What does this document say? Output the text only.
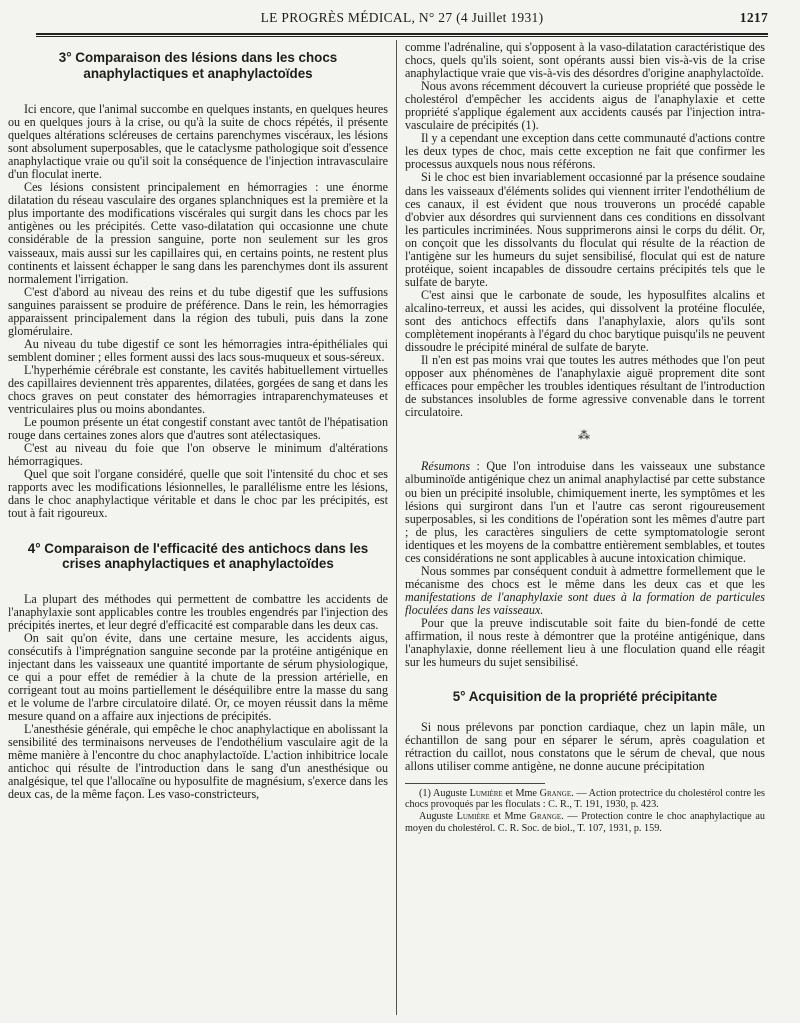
LE PROGRÈS MÉDICAL, N° 27 (4 Juillet 1931)	1217
3° Comparaison des lésions dans les chocs anaphylactiques et anaphylactoïdes

Ici encore, que l'animal succombe en quelques instants, en quelques heures ou en quelques jours à la crise, ou qu'à la suite de chocs répétés, il présente quelques altérations scléreuses de certains parenchymes viscéraux, les lésions sont absolument superposables, que le cataclysme pathologique soit d'essence anaphylactique vraie ou qu'il soit la conséquence de l'injection intravasculaire d'un floculat inerte.

Ces lésions consistent principalement en hémorragies : une énorme dilatation du réseau vasculaire des organes splanchniques est la première et la plus importante des modifications viscérales qui surgit dans les chocs par les antigènes ou les précipités. Cette vaso-dilatation qui occasionne une chute considérable de la pression sanguine, porte non seulement sur les gros vaisseaux, mais aussi sur les capillaires qui, en certains points, ne restent plus continents et laissent échapper le sang dans les parenchymes dont ils assurent normalement l'irrigation.

C'est d'abord au niveau des reins et du tube digestif que les suffusions sanguines paraissent se produire de préférence. Dans le rein, les hémorragies apparaissent principalement dans la région des tubuli, puis dans la zone glomérulaire.

Au niveau du tube digestif ce sont les hémorragies intra-épithéliales qui semblent dominer ; elles forment aussi des lacs sous-muqueux et sous-séreux.

L'hyperhémie cérébrale est constante, les cavités habituellement virtuelles des capillaires deviennent très apparentes, dilatées, gorgées de sang et dans les chocs graves on peut constater des hémorragies intraparenchymateuses et ventriculaires plus ou moins abondantes.

Le poumon présente un état congestif constant avec tantôt de l'hépatisation rouge dans certaines zones alors que d'autres sont atélectasiques.

C'est au niveau du foie que l'on observe le minimum d'altérations hémorragiques.

Quel que soit l'organe considéré, quelle que soit l'intensité du choc et ses rapports avec les modifications lésionnelles, le parallélisme entre les lésions, dans le choc anaphylactique véritable et dans le choc par les précipités, est tout à fait rigoureux.

4° Comparaison de l'efficacité des antichocs dans les crises anaphylactiques et anaphylactoïdes

La plupart des méthodes qui permettent de combattre les accidents de l'anaphylaxie sont applicables contre les troubles engendrés par l'injection des précipités inertes, et leur degré d'efficacité est comparable dans les deux cas.

On sait qu'on évite, dans une certaine mesure, les accidents aigus, consécutifs à l'imprégnation sanguine seconde par la protéine antigénique en injectant dans les vaisseaux une quantité importante de sérum physiologique, ce qui a pour effet de remédier à la chute de la pression artérielle, en corrigeant tout au moins partiellement le déséquilibre entre la masse du sang et le volume de l'arbre circulatoire dilaté. Or, ce moyen réussit dans la même mesure quand on a affaire aux injections de précipités.

L'anesthésie générale, qui empêche le choc anaphylactique en abolissant la sensibilité des terminaisons nerveuses de l'endothélium vasculaire agit de la même manière à l'encontre du choc anaphylactoïde. L'action inhibitrice locale antichoc qui résulte de l'introduction dans le sang d'un anesthésique ou analgésique, tel que l'allocaïne ou hyposulfite de magnésium, s'exerce dans les deux cas, de la même façon. Les vaso-constricteurs,

comme l'adrénaline, qui s'opposent à la vaso-dilatation caractéristique des chocs, quels qu'ils soient, sont opérants aussi bien vis-à-vis de la crise anaphylactique vraie que vis-à-vis des désordres d'origine anaphylactoïde.

Nous avons récemment découvert la curieuse propriété que possède le cholestérol d'empêcher les accidents aigus de l'anaphylaxie et cette propriété s'applique également aux accidents causés par l'injection intra-vasculaire de précipités (1).

Il y a cependant une exception dans cette communauté d'actions contre les deux types de choc, mais cette exception ne fait que confirmer les processus auxquels nous nous référons.

Si le choc est bien invariablement occasionné par la présence soudaine dans les vaisseaux d'éléments solides qui viennent irriter l'endothélium de ces canaux, il est évident que nous trouverons un procédé capable d'obvier aux désordres qui surviennent dans ces conditions en dissolvant les particules incriminées. Nous supprimerons ainsi le corps du délit. Or, on conçoit que les dissolvants du floculat qui résulte de la réaction de l'antigène sur les humeurs du sujet sensibilisé, floculat qui est de nature protéique, soient incapables de dissoudre certains précipités tels que le sulfate de baryte.

C'est ainsi que le carbonate de soude, les hyposulfites alcalins et alcalino-terreux, et aussi les acides, qui dissolvent la protéine floculée, sont des antichocs effectifs dans l'anaphylaxie, alors qu'ils sont complètement inopérants à l'égard du choc barytique puisqu'ils ne peuvent dissoudre le précipité minéral de sulfate de baryte.

Il n'en est pas moins vrai que toutes les autres méthodes que l'on peut opposer aux phénomènes de l'anaphylaxie aiguë proprement dite sont efficaces pour empêcher les troubles identiques résultant de l'introduction de substances insolubles de forme agressive convenable dans le torrent circulatoire.

⁂

Résumons : Que l'on introduise dans les vaisseaux une substance albuminoïde antigénique chez un animal anaphylactisé par cette substance ou bien un précipité insoluble, chimiquement inerte, les symptômes et les lésions qui surgiront dans l'un et l'autre cas seront rigoureusement superposables, si les conditions de l'opération sont les mêmes d'autre part ; de plus, les caractères singuliers de cette symptomatologie seront identiques et les moyens de la combattre entièrement semblables, et toutes ces considérations ne sont applicables à aucune intoxication chimique.

Nous sommes par conséquent conduit à admettre formellement que le mécanisme des chocs est le même dans les deux cas et que les manifestations de l'anaphylaxie sont dues à la formation de particules floculées dans les vaisseaux.

Pour que la preuve indiscutable soit faite du bien-fondé de cette affirmation, il nous reste à démontrer que la protéine antigénique, dans l'anaphylaxie, donne réellement lieu à une floculation quand elle réagit sur les humeurs du sujet sensibilisé.

5° Acquisition de la propriété précipitante

Si nous prélevons par ponction cardiaque, chez un lapin mâle, un échantillon de sang pour en séparer le sérum, après coagulation et rétraction du caillot, nous constatons que le sérum de cheval, que nous allons utiliser comme antigène, ne donne aucune précipitation

(1) Auguste Lumière et Mme Grange. — Action protectrice du cholestérol contre les chocs provoqués par les floculats : C. R., T. 191, 1930, p. 423.

Auguste Lumière et Mme Grange. — Protection contre le choc anaphylactique au moyen du cholestérol. C. R. Soc. de biol., T. 107, 1931, p. 159.
